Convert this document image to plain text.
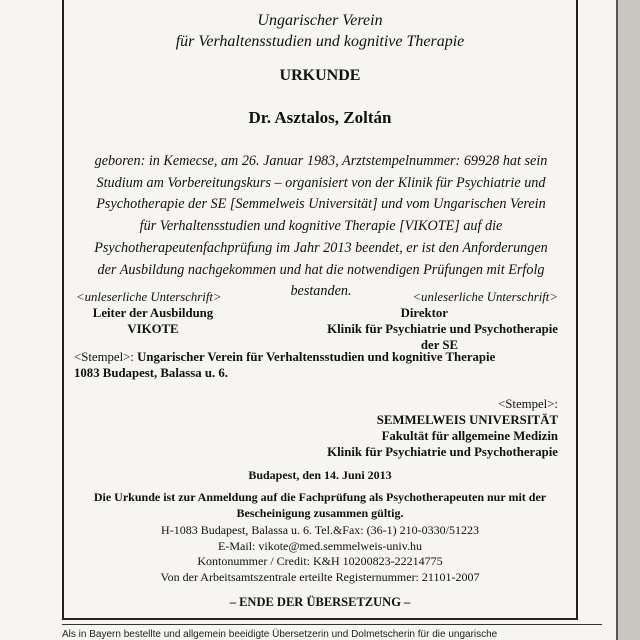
Ungarischer Verein
für Verhaltensstudien und kognitive Therapie
URKUNDE
Dr. Asztalos, Zoltán
geboren: in Kemecse, am 26. Januar 1983, Arztstempelnummer: 69928 hat sein
Studium am Vorbereitungskurs – organisiert von der Klinik für Psychiatrie und
Psychotherapie der SE [Semmelweis Universität] und vom Ungarischen Verein
für Verhaltensstudien und kognitive Therapie [VIKOTE] auf die
Psychotherapeutenfachprüfung im Jahr 2013 beendet, er ist den Anforderungen
der Ausbildung nachgekommen und hat die notwendigen Prüfungen mit Erfolg
bestanden.
<unleserliche Unterschrift>
Leiter der Ausbildung
VIKOTE
<unleserliche Unterschrift>
Direktor
Klinik für Psychiatrie und Psychotherapie
der SE
<Stempel>: Ungarischer Verein für Verhaltensstudien und kognitive Therapie
1083 Budapest, Balassa u. 6.
<Stempel>:
SEMMELWEIS UNIVERSITÄT
Fakultät für allgemeine Medizin
Klinik für Psychiatrie und Psychotherapie
Budapest, den 14. Juni 2013
Die Urkunde ist zur Anmeldung auf die Fachprüfung als Psychotherapeuten nur mit der
Bescheinigung zusammen gültig.
H-1083 Budapest, Balassa u. 6. Tel.&Fax: (36-1) 210-0330/51223
E-Mail: vikote@med.semmelweis-univ.hu
Kontonummer / Credit: K&H 10200823-22214775
Von der Arbeitsamtszentrale erteilte Registernummer: 21101-2007
– ENDE DER ÜBERSETZUNG –
Als in Bayern bestellte und allgemein beeidigte Übersetzerin und Dolmetscherin für die ungarische
